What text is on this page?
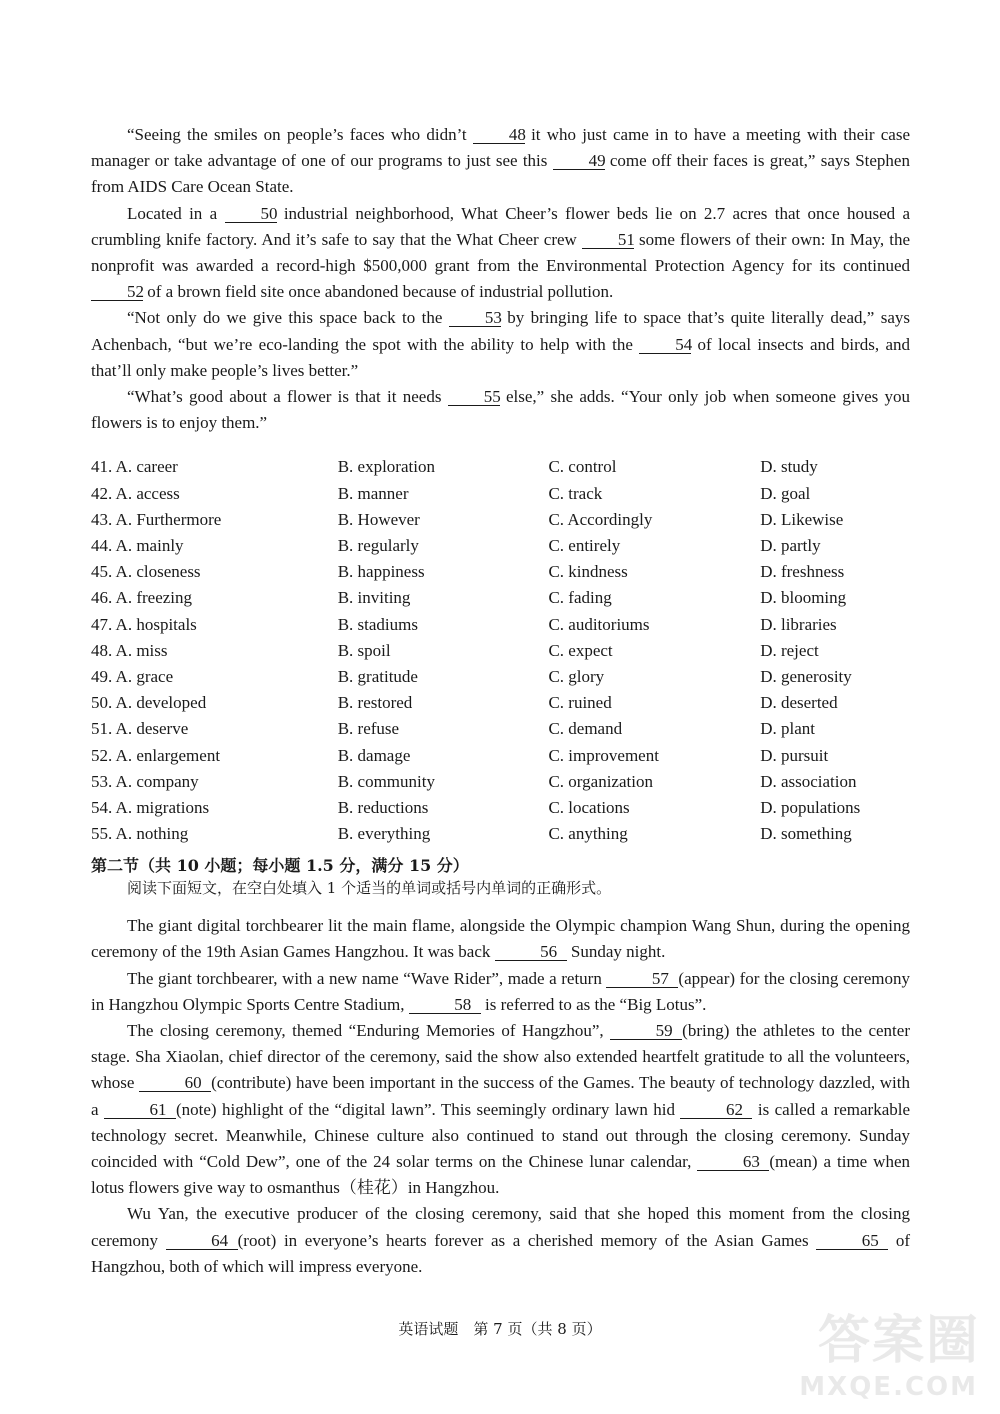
“Seeing the smiles on people’s faces who didn’t 48 it who just came in to have a meeting with their case manager or take advantage of one of our programs to just see this 49 come off their faces is great,” says Stephen from AIDS Care Ocean State.

Located in a 50 industrial neighborhood, What Cheer’s flower beds lie on 2.7 acres that once housed a crumbling knife factory. And it’s safe to say that the What Cheer crew 51 some flowers of their own: In May, the nonprofit was awarded a record-high $500,000 grant from the Environmental Protection Agency for its continued 52 of a brown field site once abandoned because of industrial pollution.

“Not only do we give this space back to the 53 by bringing life to space that’s quite literally dead,” says Achenbach, “but we’re eco-landing the spot with the ability to help with the 54 of local insects and birds, and that’ll only make people’s lives better.”

“What’s good about a flower is that it needs 55 else,” she adds. “Your only job when someone gives you flowers is to enjoy them.”

41. A. career	B. exploration	C. control	D. study
42. A. access	B. manner	C. track	D. goal
43. A. Furthermore	B. However	C. Accordingly	D. Likewise
44. A. mainly	B. regularly	C. entirely	D. partly
45. A. closeness	B. happiness	C. kindness	D. freshness
46. A. freezing	B. inviting	C. fading	D. blooming
47. A. hospitals	B. stadiums	C. auditoriums	D. libraries
48. A. miss	B. spoil	C. expect	D. reject
49. A. grace	B. gratitude	C. glory	D. generosity
50. A. developed	B. restored	C. ruined	D. deserted
51. A. deserve	B. refuse	C. demand	D. plant
52. A. enlargement	B. damage	C. improvement	D. pursuit
53. A. company	B. community	C. organization	D. association
54. A. migrations	B. reductions	C. locations	D. populations
55. A. nothing	B. everything	C. anything	D. something
第二节（共 10 小题；每小题 1.5 分，满分 15 分）
阅读下面短文，在空白处填入 1 个适当的单词或括号内单词的正确形式。

The giant digital torchbearer lit the main flame, alongside the Olympic champion Wang Shun, during the opening ceremony of the 19th Asian Games Hangzhou. It was back	56 Sunday night.

The giant torchbearer, with a new name “Wave Rider”, made a return	57 (appear) for the closing ceremony in Hangzhou Olympic Sports Centre Stadium,	58 is referred to as the “Big Lotus”.

The closing ceremony, themed “Enduring Memories of Hangzhou”,	59 (bring) the athletes to the center stage. Sha Xiaolan, chief director of the ceremony, said the show also extended heartfelt gratitude to all the volunteers, whose	60 (contribute) have been important in the success of the Games. The beauty of technology dazzled, with a	61 (note) highlight of the “digital lawn”. This seemingly ordinary lawn hid	62 is called a remarkable technology secret. Meanwhile, Chinese culture also continued to stand out through the closing ceremony. Sunday coincided with “Cold Dew”, one of the 24 solar terms on the Chinese lunar calendar,	63 (mean) a time when lotus flowers give way to osmanthus（桂花）in Hangzhou.

Wu Yan, the executive producer of the closing ceremony, said that she hoped this moment from the closing ceremony	64 (root) in everyone’s hearts forever as a cherished memory of the Asian Games	65 of Hangzhou, both of which will impress everyone.

英语试题　第 7 页（共 8 页）	答案圈
MXQE.COM
